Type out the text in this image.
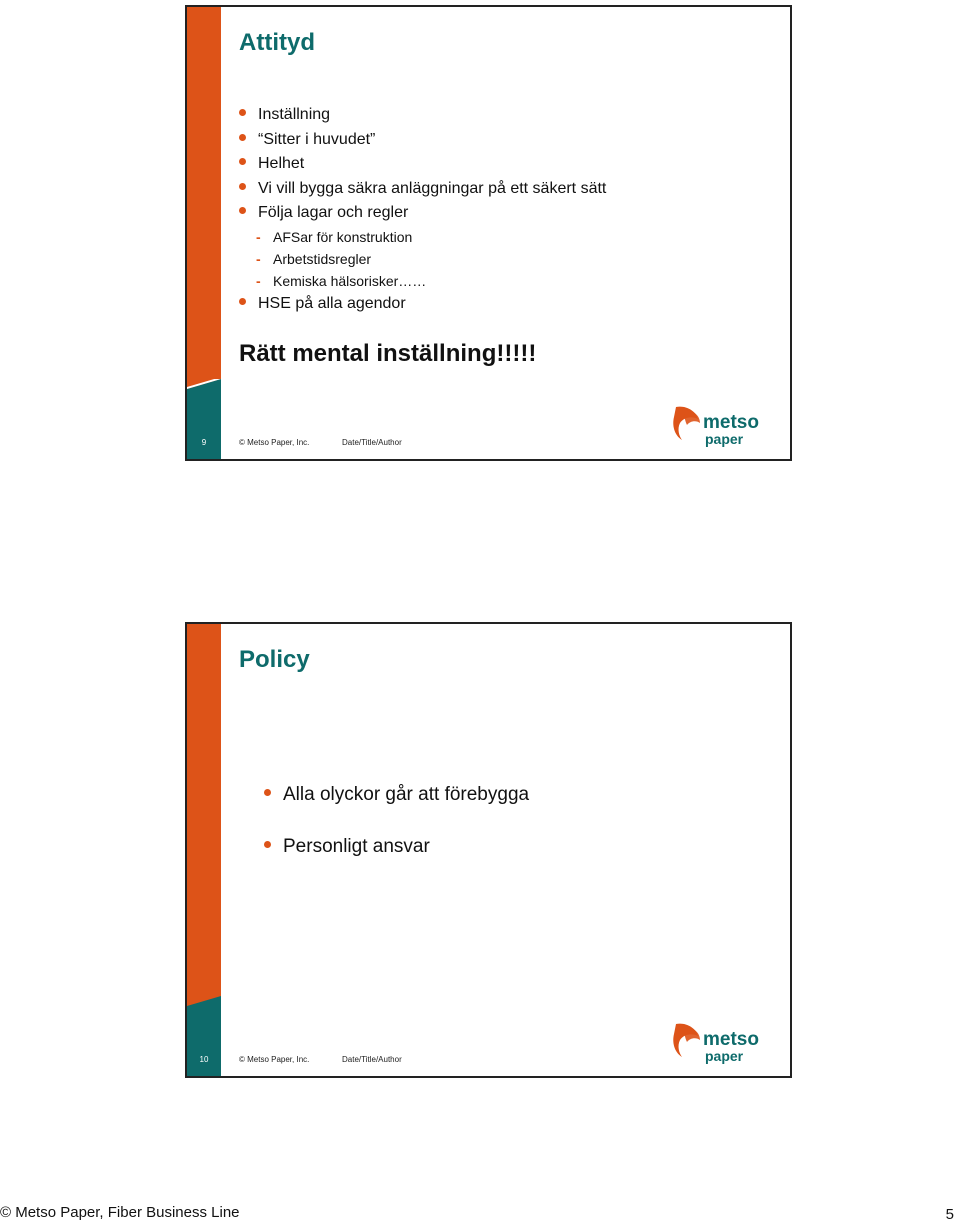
9
Attityd
Inställning
“Sitter i huvudet”
Helhet
Vi vill bygga säkra anläggningar på ett säkert sätt
Följa lagar och regler
- AFSar för konstruktion
- Arbetstidsregler
- Kemiska hälsorisker……
HSE på alla agendor
Rätt mental inställning!!!!!
© Metso Paper, Inc.	Date/Title/Author
metso
paper
10
Policy
Alla olyckor går att förebygga
Personligt ansvar
© Metso Paper, Inc.	Date/Title/Author
metso
paper
© Metso Paper, Fiber Business Line	5
